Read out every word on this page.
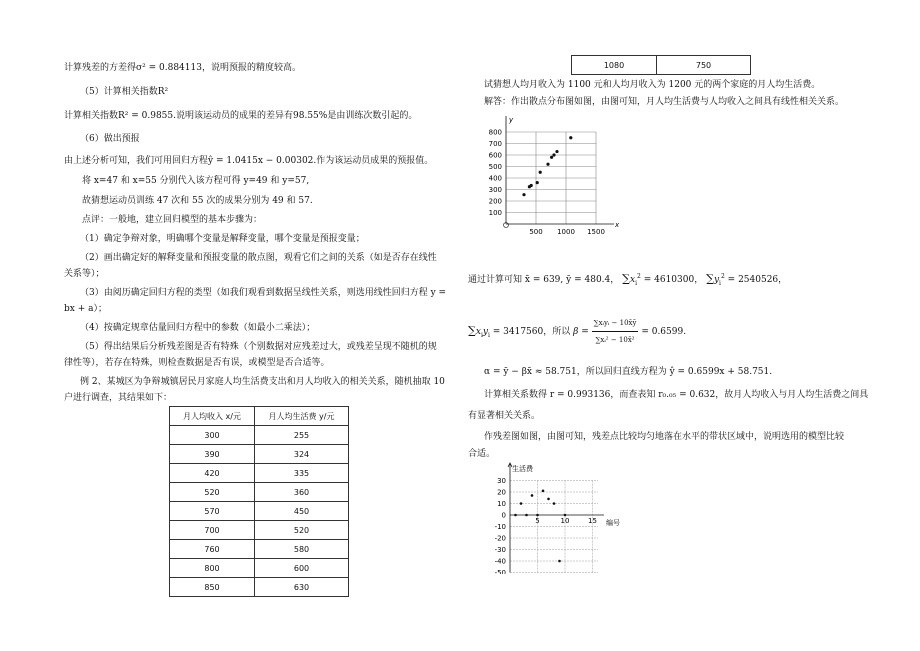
计算残差的方差得σ² = 0.884113，说明预报的精度较高。
（5）计算相关指数R²
计算相关指数R² = 0.9855.说明该运动员的成果的差异有98.55%是由训练次数引起的。
（6）做出预报
由上述分析可知，我们可用回归方程ŷ = 1.0415x − 0.00302.作为该运动员成果的预报值。
将 x=47 和 x=55 分别代入该方程可得 y=49 和 y=57,
故猜想运动员训练 47 次和 55 次的成果分别为 49 和 57.
点评：一般地，建立回归模型的基本步骤为：
（1）确定争辩对象，明确哪个变量是解释变量，哪个变量是预报变量；
（2）画出确定好的解释变量和预报变量的散点图，观看它们之间的关系（如是否存在线性
关系等）；
（3）由阅历确定回归方程的类型（如我们观看到数据呈线性关系，则选用线性回归方程 y =
bx + a）；
（4）按确定规章估量回归方程中的参数（如最小二乘法）；
（5）得出结果后分析残差图是否有特殊（个别数据对应残差过大，或残差呈现不随机的规
律性等），若存在特殊，则检查数据是否有误，或模型是否合适等。
例 2、某城区为争辩城镇居民月家庭人均生活费支出和月人均收入的相关关系，随机抽取 10
户进行调查，其结果如下：
月人均收入 x/元	月人均生活费 y/元
300	255
390	324
420	335
520	360
570	450
700	520
760	580
800	600
850	630
1080	750
试猜想人均月收入为 1100 元和人均月收入为 1200 元的两个家庭的月人均生活费。
解答：作出散点分布图如图，由图可知，月人均生活费与人均收入之间具有线性相关关系。
y
x
100
200
300
400
500
600
700
800
500 1000 1500
通过计算可知 x̄ = 639, ȳ = 480.4， $\sum x_i^2 = 4610300$， $\sum y_i^2 = 2540526$，
$\sum x_iy_i = 3417560$，所以 $\beta = \frac{\text{∑xᵢyᵢ − 10x̄ȳ}}{\text{∑xᵢ² − 10x̄²}} = 0.6599$.
α = ȳ − βx̄ ≈ 58.751，所以回归直线方程为 ŷ = 0.6599x + 58.751.
计算相关系数得 r = 0.993136，而查表知 r₀.₀₅ = 0.632，故月人均收入与月人均生活费之间具
有显著相关关系。
作残差图如图，由图可知，残差点比较均匀地落在水平的带状区域中，说明选用的模型比较
合适。
生活费
编号
30
20
10
0
-10
-20
-30
-40
-50
5	10	15
